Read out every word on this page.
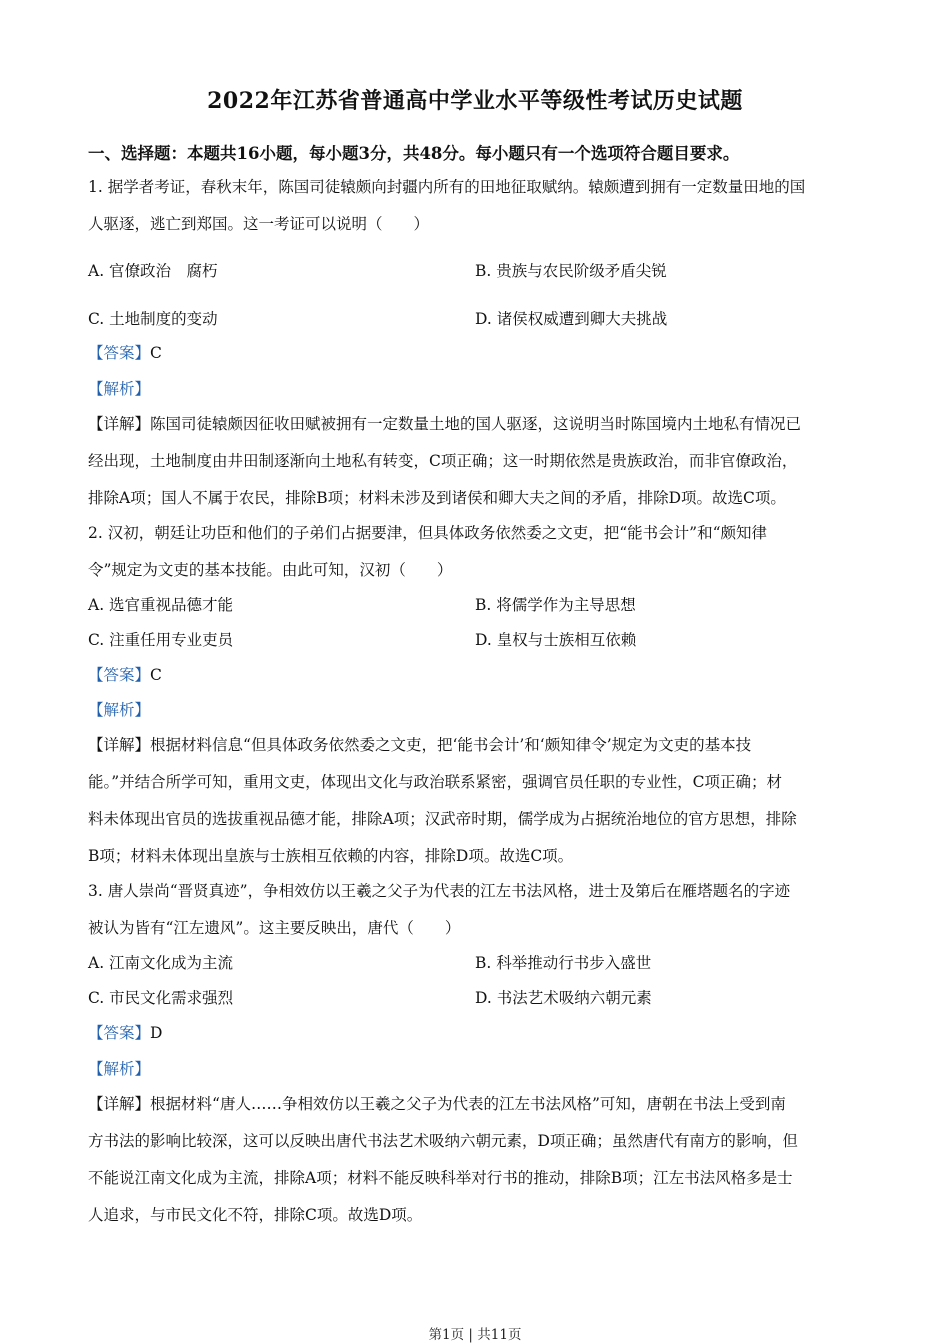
2022年江苏省普通高中学业水平等级性考试历史试题
一、选择题：本题共16小题，每小题3分，共48分。每小题只有一个选项符合题目要求。
1. 据学者考证，春秋末年，陈国司徒辕颇向封疆内所有的田地征取赋纳。辕颇遭到拥有一定数量田地的国
人驱逐，逃亡到郑国。这一考证可以说明（　　）
A. 官僚政治　腐朽	B. 贵族与农民阶级矛盾尖锐
C. 土地制度的变动	D. 诸侯权威遭到卿大夫挑战
【答案】C
【解析】
【详解】陈国司徒辕颇因征收田赋被拥有一定数量土地的国人驱逐，这说明当时陈国境内土地私有情况已
经出现，土地制度由井田制逐渐向土地私有转变，C项正确；这一时期依然是贵族政治，而非官僚政治，
排除A项；国人不属于农民，排除B项；材料未涉及到诸侯和卿大夫之间的矛盾，排除D项。故选C项。
2. 汉初，朝廷让功臣和他们的子弟们占据要津，但具体政务依然委之文吏，把“能书会计”和“颇知律
令”规定为文吏的基本技能。由此可知，汉初（　　）
A. 选官重视品德才能	B. 将儒学作为主导思想
C. 注重任用专业吏员	D. 皇权与士族相互依赖
【答案】C
【解析】
【详解】根据材料信息“但具体政务依然委之文吏，把‘能书会计’和‘颇知律令’规定为文吏的基本技
能。”并结合所学可知，重用文吏，体现出文化与政治联系紧密，强调官员任职的专业性，C项正确；材
料未体现出官员的选拔重视品德才能，排除A项；汉武帝时期，儒学成为占据统治地位的官方思想，排除
B项；材料未体现出皇族与士族相互依赖的内容，排除D项。故选C项。
3. 唐人崇尚“晋贤真迹”，争相效仿以王羲之父子为代表的江左书法风格，进士及第后在雁塔题名的字迹
被认为皆有“江左遗风”。这主要反映出，唐代（　　）
A. 江南文化成为主流	B. 科举推动行书步入盛世
C. 市民文化需求强烈	D. 书法艺术吸纳六朝元素
【答案】D
【解析】
【详解】根据材料“唐人……争相效仿以王羲之父子为代表的江左书法风格”可知，唐朝在书法上受到南
方书法的影响比较深，这可以反映出唐代书法艺术吸纳六朝元素，D项正确；虽然唐代有南方的影响，但
不能说江南文化成为主流，排除A项；材料不能反映科举对行书的推动，排除B项；江左书法风格多是士
人追求，与市民文化不符，排除C项。故选D项。
第1页 | 共11页
